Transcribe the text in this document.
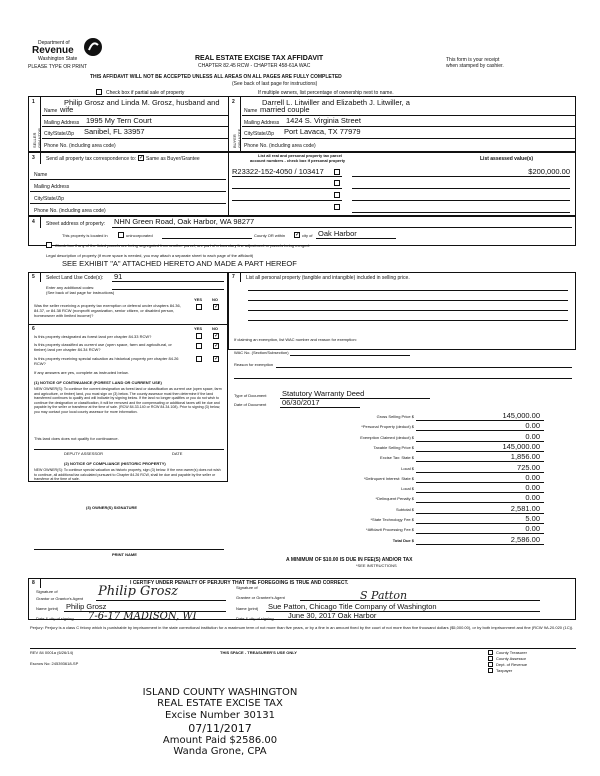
Department of
Revenue
Washington State
PLEASE TYPE OR PRINT
REAL ESTATE EXCISE TAX AFFIDAVIT
CHAPTER 82.45 RCW - CHAPTER 458-61A WAC
This form is your receipt
when stamped by cashier.
THIS AFFIDAVIT WILL NOT BE ACCEPTED UNLESS ALL AREAS ON ALL PAGES ARE FULLY COMPLETED
(See back of last page for instructions)
Check box if partial sale of property	If multiple owners, list percentage of ownership next to name.
1	2
SELLER GRANTOR	BUYER GRANTEE
Philip Grosz and Linda M. Grosz, husband and
Name wife
Mailing Address 1995 My Tern Court
City/State/Zip Sanibel, FL 33957
Phone No. (including area code)
Darrell L. Litwiller and Elizabeth J. Litwiller, a
Name married couple
Mailing Address 1424 S. Virginia Street
City/State/Zip Port Lavaca, TX 77979
Phone No. (including area code)
3 Send all property tax correspondence to: ✓ Same as Buyer/Grantee
List all real and personal property tax parcel
account numbers - check box if personal property	List assessed value(s)
R23322-152-4050 / 103417	$200,000.00
Name
Mailing Address
City/State/Zip
Phone No. (including area code)
4 Street address of property: NHN Green Road, Oak Harbor, WA 98277
This property is located in	unincorporated	County OR within ✓ city of Oak Harbor
Check box if any of the listed parcels are being segregated from another parcel, are part of a boundary line adjustment or parcels being merged.
Legal description of property (if more space is needed, you may attach a separate sheet to each page of the affidavit)
SEE EXHIBIT "A" ATTACHED HERETO AND MADE A PART HEREOF
5 Select Land Use Code(s): 91
Enter any additional codes:
(See back of last page for instructions)
YES NO
Was the seller receiving a property tax exemption or deferral under chapters 84.36, 84.37, or 84.38 RCW (nonprofit organization, senior citizen, or disabled person, homeowner with limited income)?
✓
6	YES NO
Is this property designated as forest land per chapter 84.33 RCW?	✓
Is this property classified as current use (open space, farm and agricultural, or timber) land per chapter 84.34 RCW?
✓
Is this property receiving special valuation as historical property per chapter 84.26 RCW?
✓
If any answers are yes, complete as instructed below.
(1) NOTICE OF CONTINUANCE (FOREST LAND OR CURRENT USE)
NEW OWNER(S): To continue the current designation as forest land or classification as current use (open space, farm and agriculture, or timber) land, you must sign on (3) below. The county assessor must then determine if the land transferred continues to qualify and will indicate by signing below. If the land no longer qualifies or you do not wish to continue the designation or classification, it will be removed and the compensating or additional taxes will be due and payable by the seller or transferor at the time of sale. (RCW 84.33.140 or RCW 84.34.108). Prior to signing (3) below, you may contact your local county assessor for more information.
This land does does not qualify for continuance.
DEPUTY ASSESSOR	DATE
(2) NOTICE OF COMPLIANCE (HISTORIC PROPERTY)
NEW OWNER(S): To continue special valuation as historic property, sign (3) below. If the new owner(s) does not wish to continue, all additional tax calculated pursuant to Chapter 84.26 RCW, shall be due and payable by the seller or transferor at the time of sale.
(3) OWNER(S) SIGNATURE
PRINT NAME
7 List all personal property (tangible and intangible) included in selling price.
If claiming an exemption, list WAC number and reason for exemption:
WAC No. (Section/Subsection)
Reason for exemption
Type of Document Statutory Warranty Deed
Date of Document 06/30/2017
Gross Selling Price $	145,000.00
*Personal Property (deduct) $	0.00
Exemption Claimed (deduct) $	0.00
Taxable Selling Price $	145,000.00
Excise Tax: State $	1,856.00
Local $	725.00
*Delinquent Interest: State $	0.00
Local $	0.00
*Delinquent Penalty $	0.00
Subtotal $	2,581.00
*State Technology Fee $	5.00
*Affidavit Processing Fee $	0.00
Total Due $	2,586.00
A MINIMUM OF $10.00 IS DUE IN FEE(S) AND/OR TAX
*SEE INSTRUCTIONS
8	I CERTIFY UNDER PENALTY OF PERJURY THAT THE FOREGOING IS TRUE AND CORRECT.
Signature of
Grantor or Grantor's Agent Philip Grosz
Name (print) Philip Grosz
Date & city of signing 7-6-17 MADISON, WI
Signature of
Grantee or Grantee's Agent	S Patton
Name (print) Sue Patton, Chicago Title Company of Washington
Date & city of signing June 30, 2017 Oak Harbor
Perjury: Perjury is a class C felony which is punishable by imprisonment in the state correctional institution for a maximum term of not more than five years, or by a fine in an amount fixed by the court of not more than five thousand dollars ($5,000.00), or by both imprisonment and fine (RCW 9A.20.020 (1C)).
REV 84 0001a (6/26/14)	THIS SPACE - TREASURER'S USE ONLY
Escrow No: 245393618-SP
County Treasurer
County Assessor
Dept. of Revenue
Taxpayer
ISLAND COUNTY WASHINGTON
REAL ESTATE EXCISE TAX
Excise Number 30131
07/11/2017
Amount Paid $2586.00
Wanda Grone, CPA
